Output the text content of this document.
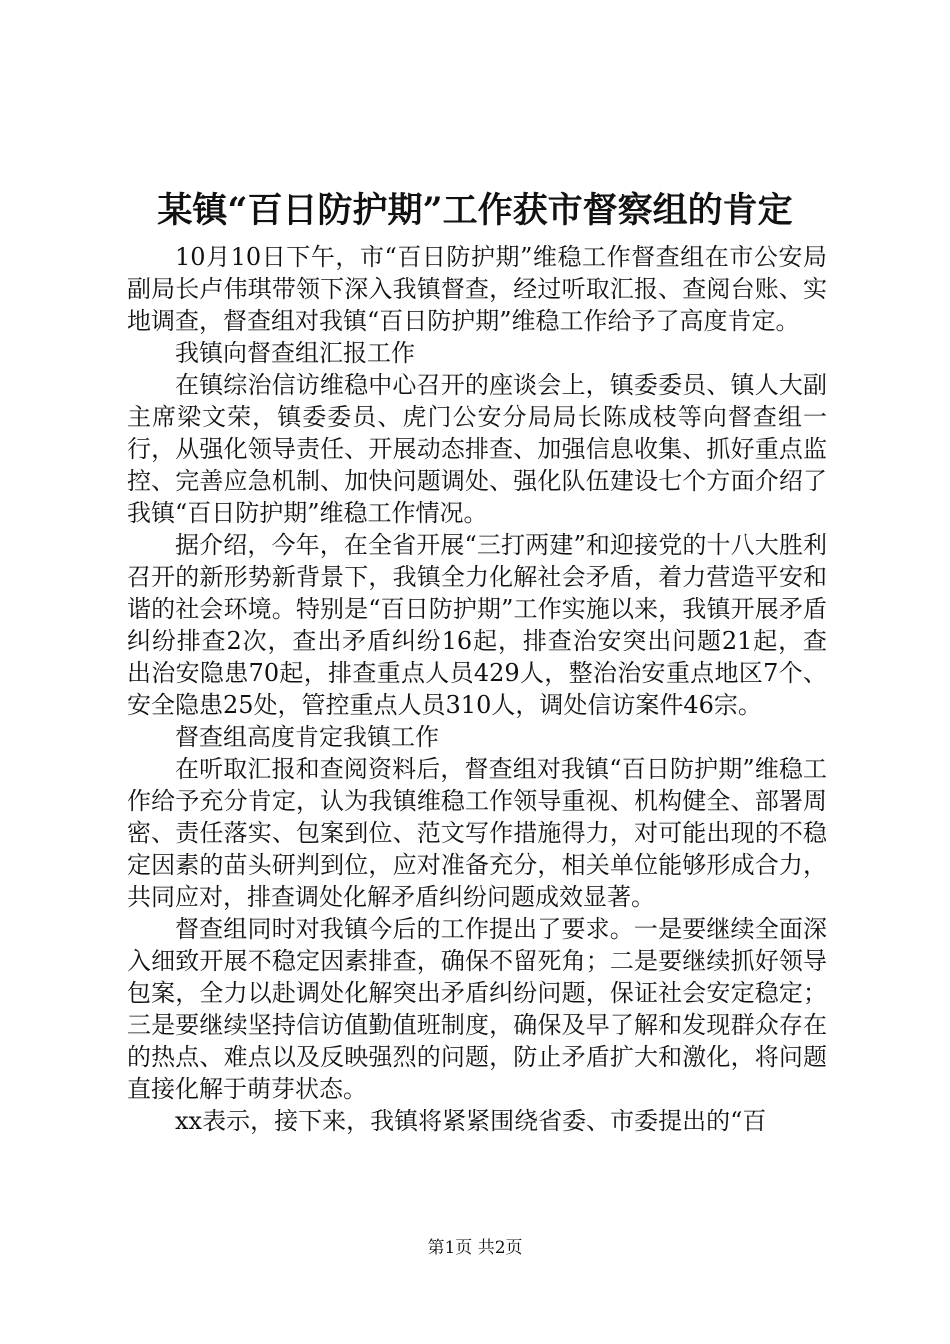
某镇“百日防护期”工作获市督察组的肯定

10月10日下午，市“百日防护期”维稳工作督查组在市公安局副局长卢伟琪带领下深入我镇督查，经过听取汇报、查阅台账、实地调查，督查组对我镇“百日防护期”维稳工作给予了高度肯定。

我镇向督查组汇报工作

在镇综治信访维稳中心召开的座谈会上，镇委委员、镇人大副主席梁文荣，镇委委员、虎门公安分局局长陈成枝等向督查组一行，从强化领导责任、开展动态排查、加强信息收集、抓好重点监控、完善应急机制、加快问题调处、强化队伍建设七个方面介绍了我镇“百日防护期”维稳工作情况。

据介绍，今年，在全省开展“三打两建”和迎接党的十八大胜利召开的新形势新背景下，我镇全力化解社会矛盾，着力营造平安和谐的社会环境。特别是“百日防护期”工作实施以来，我镇开展矛盾纠纷排查2次，查出矛盾纠纷16起，排查治安突出问题21起，查出治安隐患70起，排查重点人员429人，整治治安重点地区7个、安全隐患25处，管控重点人员310人，调处信访案件46宗。

督查组高度肯定我镇工作

在听取汇报和查阅资料后，督查组对我镇“百日防护期”维稳工作给予充分肯定，认为我镇维稳工作领导重视、机构健全、部署周密、责任落实、包案到位、范文写作措施得力，对可能出现的不稳定因素的苗头研判到位，应对准备充分，相关单位能够形成合力，共同应对，排查调处化解矛盾纠纷问题成效显著。

督查组同时对我镇今后的工作提出了要求。一是要继续全面深入细致开展不稳定因素排查，确保不留死角；二是要继续抓好领导包案，全力以赴调处化解突出矛盾纠纷问题，保证社会安定稳定；三是要继续坚持信访值勤值班制度，确保及早了解和发现群众存在的热点、难点以及反映强烈的问题，防止矛盾扩大和激化，将问题直接化解于萌芽状态。

xx表示，接下来，我镇将紧紧围绕省委、市委提出的“百

第1页 共2页
